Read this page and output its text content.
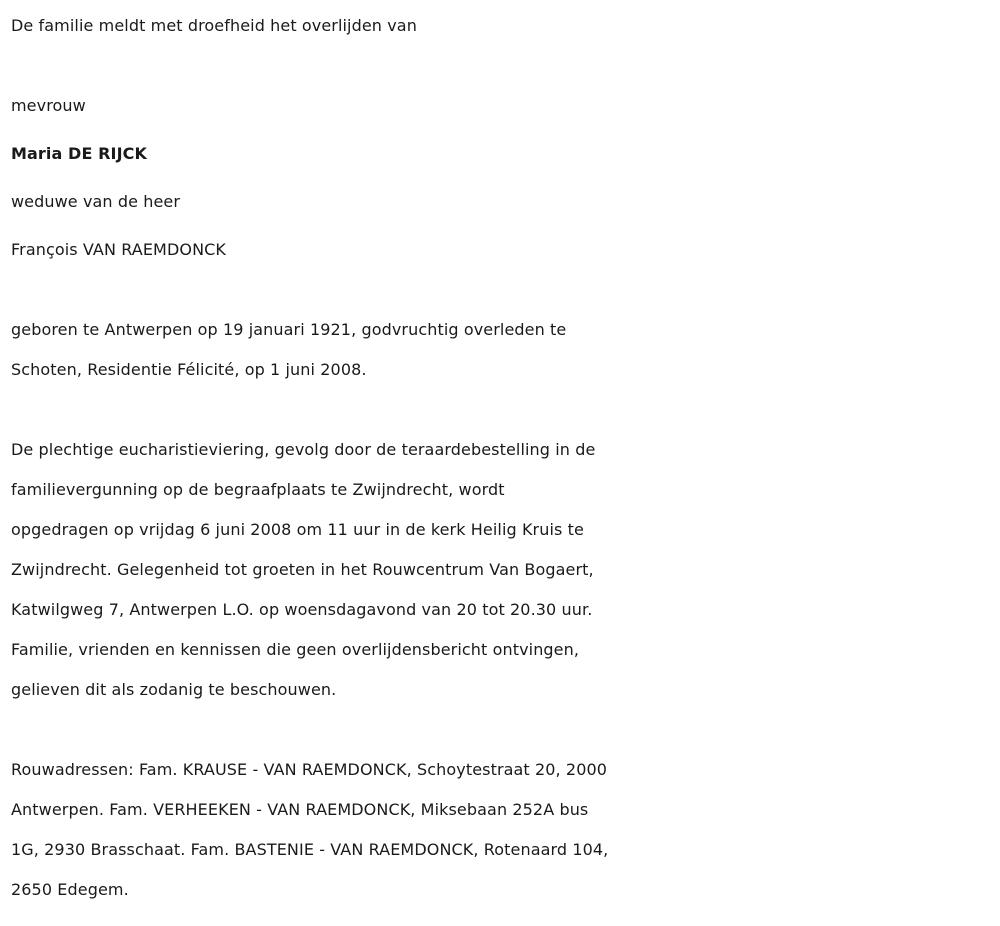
De familie meldt met droefheid het overlijden van

mevrouw

Maria DE RIJCK

weduwe van de heer

François VAN RAEMDONCK

geboren te Antwerpen op 19 januari 1921, godvruchtig overleden te

Schoten, Residentie Félicité, op 1 juni 2008.

De plechtige eucharistieviering, gevolg door de teraardebestelling in de

familievergunning op de begraafplaats te Zwijndrecht, wordt

opgedragen op vrijdag 6 juni 2008 om 11 uur in de kerk Heilig Kruis te

Zwijndrecht. Gelegenheid tot groeten in het Rouwcentrum Van Bogaert,

Katwilgweg 7, Antwerpen L.O. op woensdagavond van 20 tot 20.30 uur.

Familie, vrienden en kennissen die geen overlijdensbericht ontvingen,

gelieven dit als zodanig te beschouwen.

Rouwadressen: Fam. KRAUSE - VAN RAEMDONCK, Schoytestraat 20, 2000

Antwerpen. Fam. VERHEEKEN - VAN RAEMDONCK, Miksebaan 252A bus

1G, 2930 Brasschaat. Fam. BASTENIE - VAN RAEMDONCK, Rotenaard 104,

2650 Edegem.
